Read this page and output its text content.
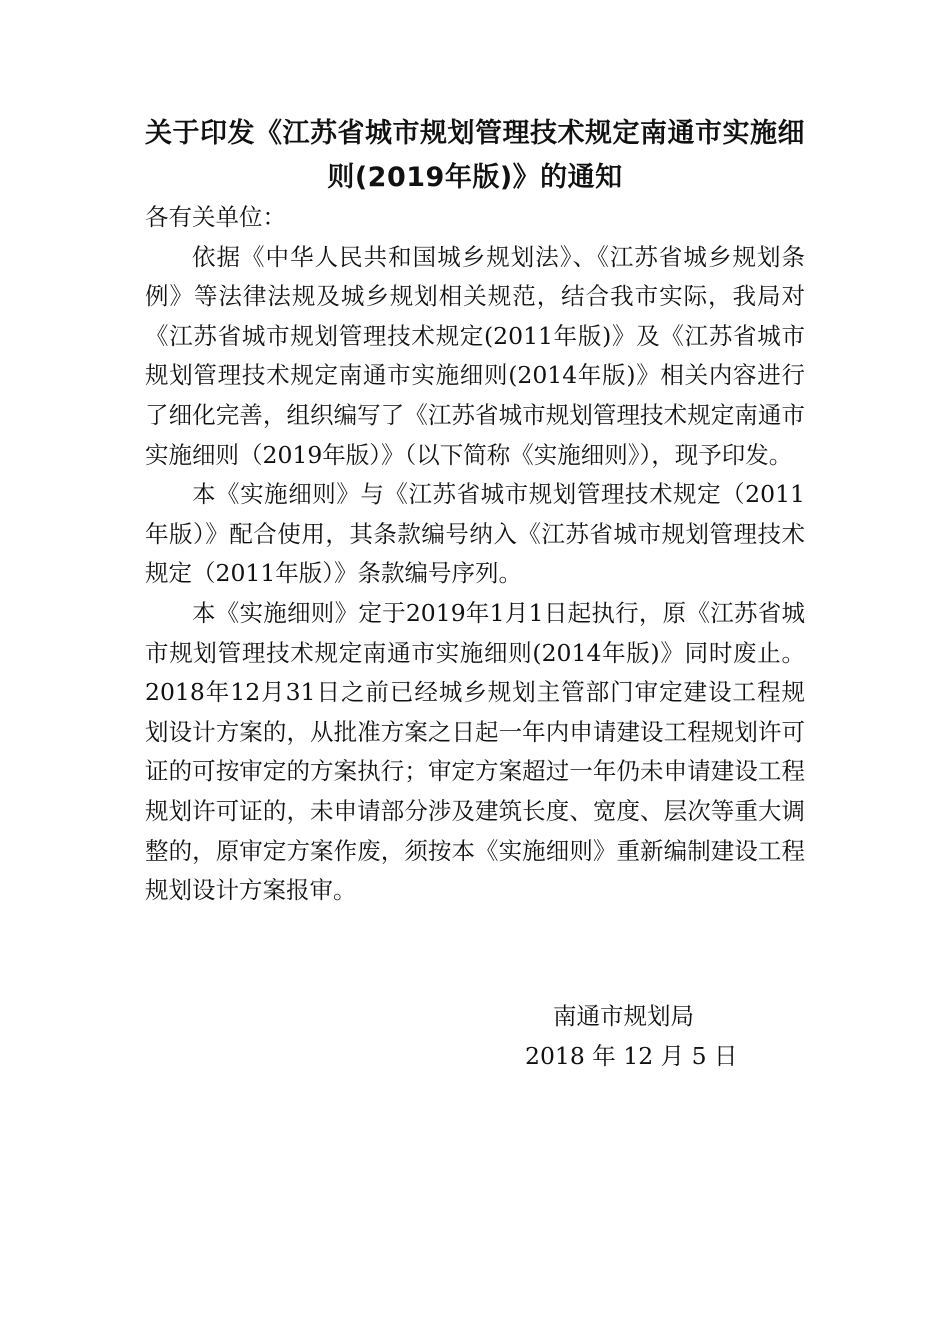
关于印发《江苏省城市规划管理技术规定南通市实施细则(2019年版)》的通知

各有关单位：

依据《中华人民共和国城乡规划法》、《江苏省城乡规划条例》等法律法规及城乡规划相关规范，结合我市实际，我局对《江苏省城市规划管理技术规定(2011年版)》及《江苏省城市规划管理技术规定南通市实施细则(2014年版)》相关内容进行了细化完善，组织编写了《江苏省城市规划管理技术规定南通市实施细则（2019年版）》（以下简称《实施细则》），现予印发。

本《实施细则》与《江苏省城市规划管理技术规定（2011年版）》配合使用，其条款编号纳入《江苏省城市规划管理技术规定（2011年版）》条款编号序列。

本《实施细则》定于2019年1月1日起执行，原《江苏省城市规划管理技术规定南通市实施细则(2014年版)》同时废止。2018年12月31日之前已经城乡规划主管部门审定建设工程规划设计方案的，从批准方案之日起一年内申请建设工程规划许可证的可按审定的方案执行；审定方案超过一年仍未申请建设工程规划许可证的，未申请部分涉及建筑长度、宽度、层次等重大调整的，原审定方案作废，须按本《实施细则》重新编制建设工程规划设计方案报审。

南通市规划局
2018 年 12 月 5 日
